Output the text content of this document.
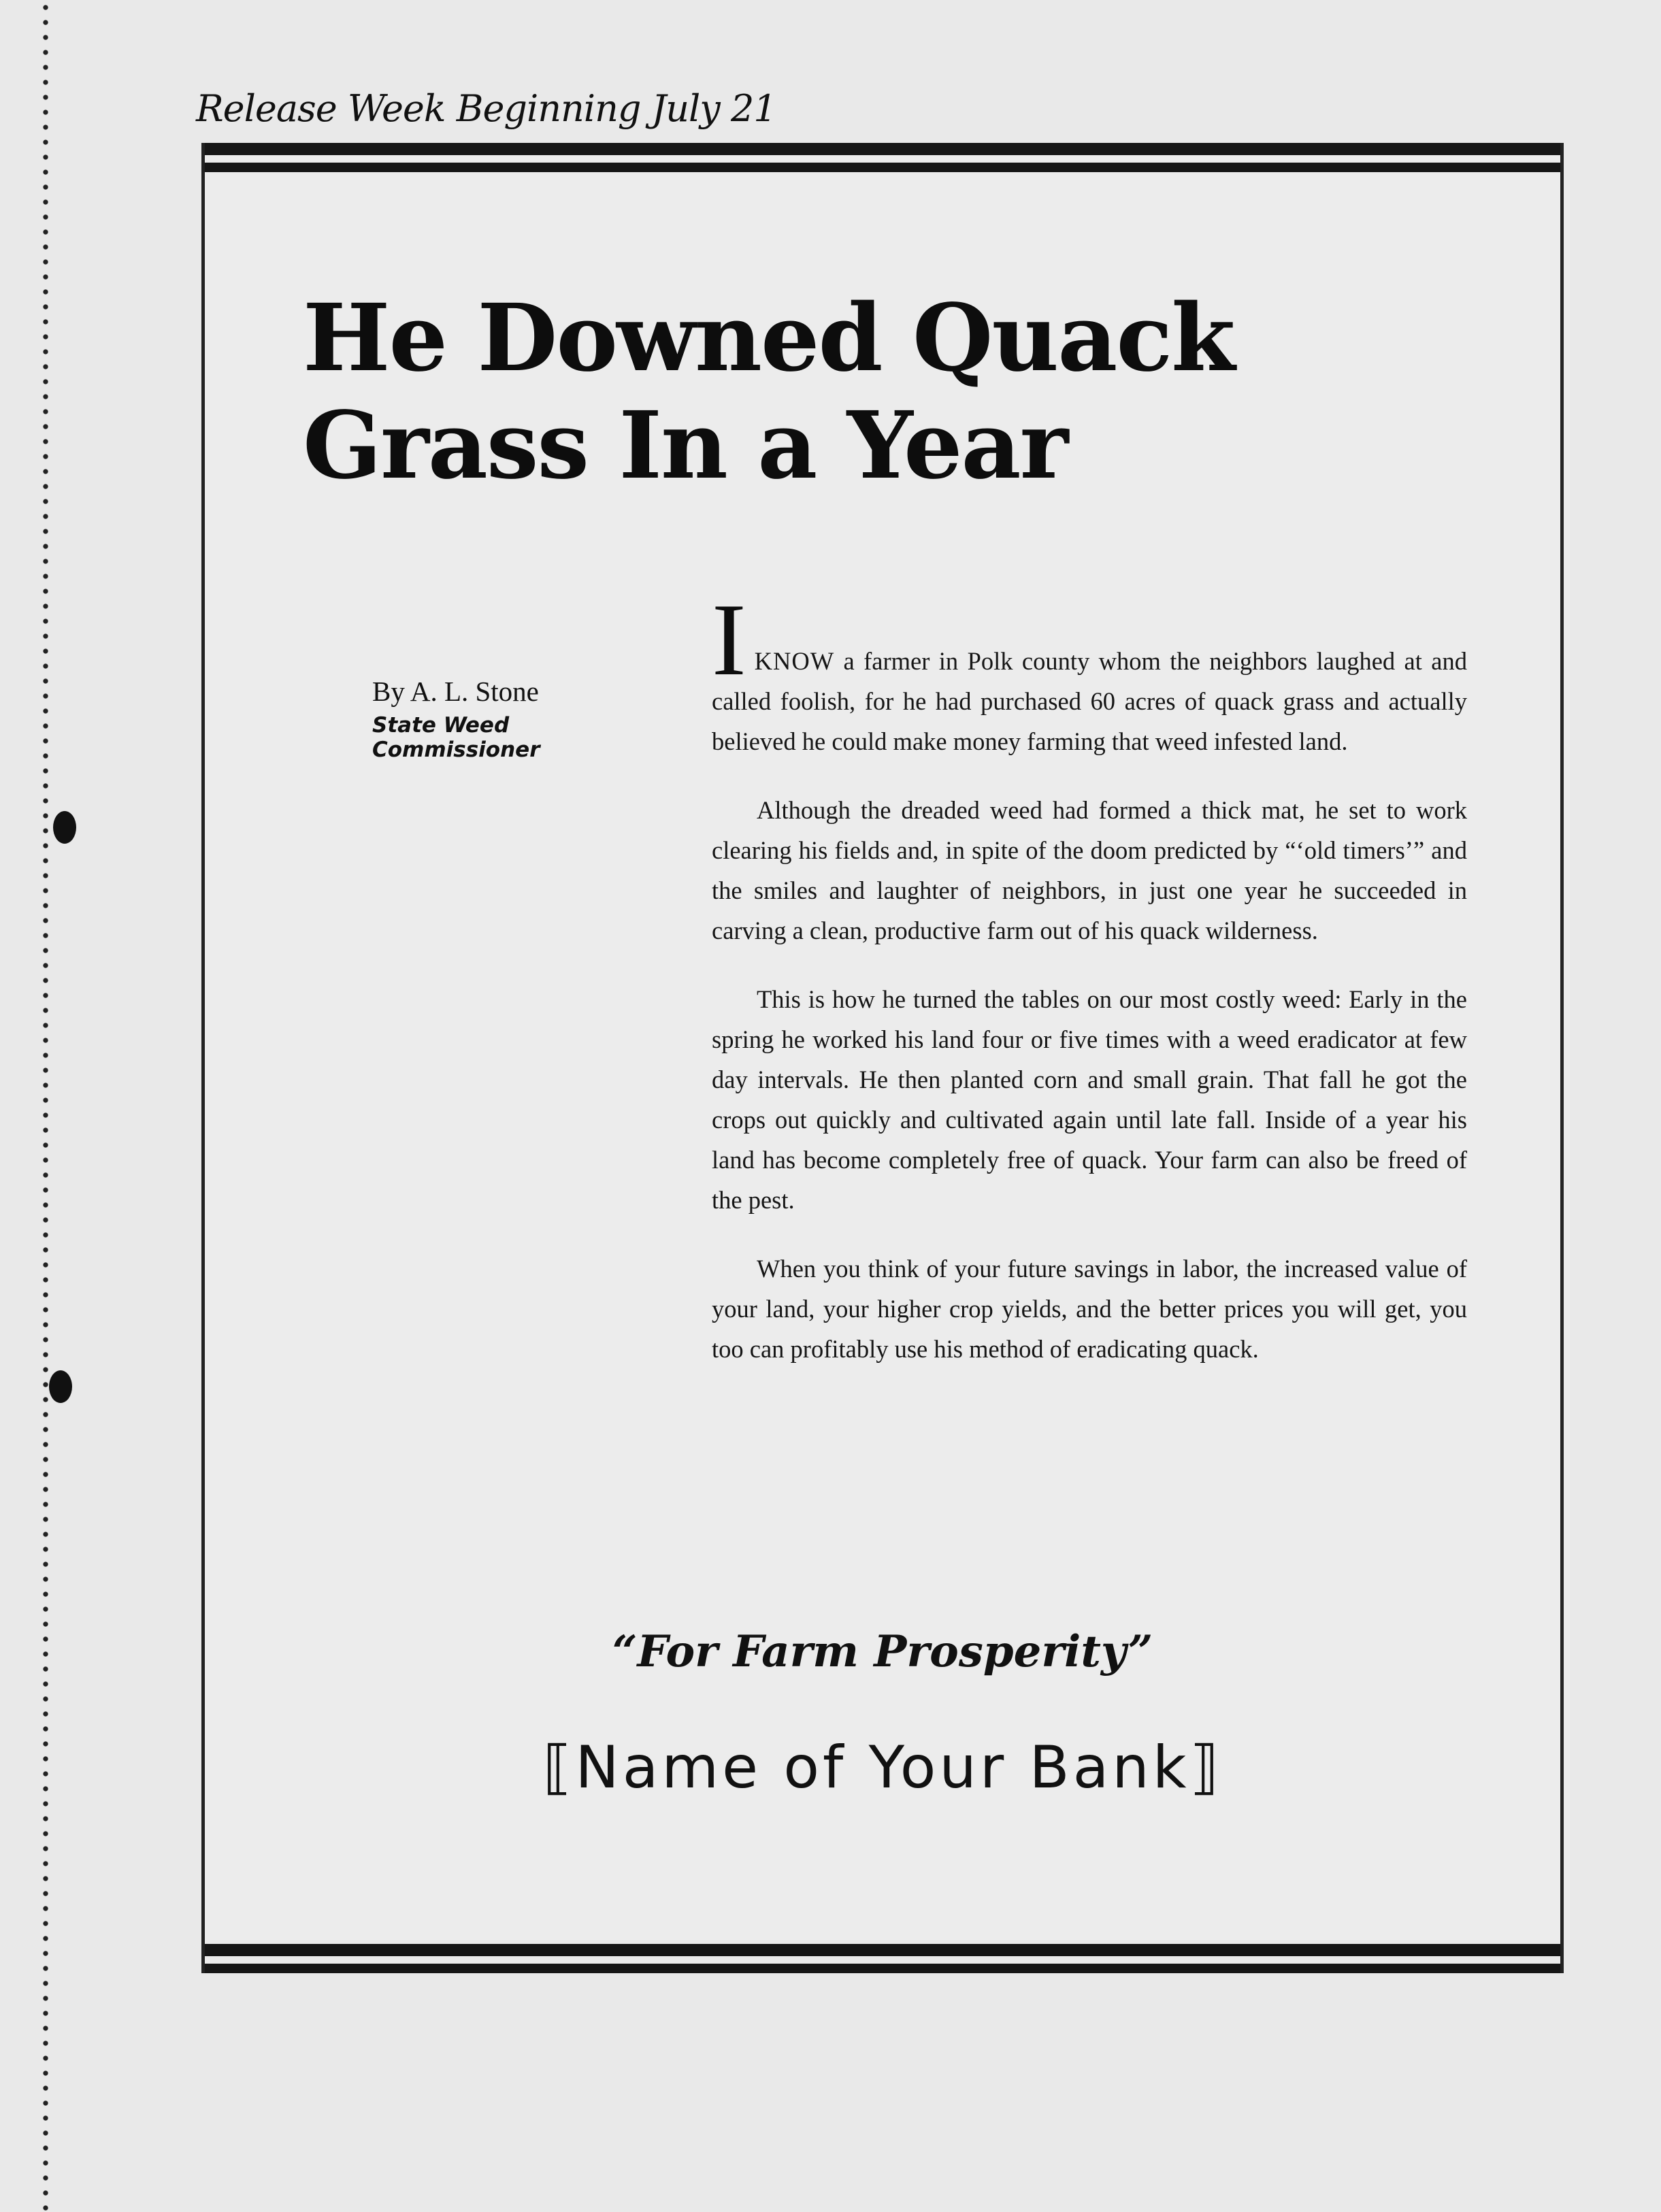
Release Week Beginning July 21
He Downed Quack
Grass In a Year
By A. L. Stone
State Weed
Commissioner

IKNOW a farmer in Polk county whom the neighbors laughed at and called foolish, for he had purchased 60 acres of quack grass and actually believed he could make money farming that weed infested land.

Although the dreaded weed had formed a thick mat, he set to work clearing his fields and, in spite of the doom predicted by “‘old timers’” and the smiles and laughter of neighbors, in just one year he succeeded in carving a clean, productive farm out of his quack wilderness.

This is how he turned the tables on our most costly weed: Early in the spring he worked his land four or five times with a weed eradicator at few day intervals. He then planted corn and small grain. That fall he got the crops out quickly and cultivated again until late fall. Inside of a year his land has become completely free of quack. Your farm can also be freed of the pest.

When you think of your future savings in labor, the increased value of your land, your higher crop yields, and the better prices you will get, you too can profitably use his method of eradicating quack.

“For Farm Prosperity”
⟦Name of Your Bank⟧
